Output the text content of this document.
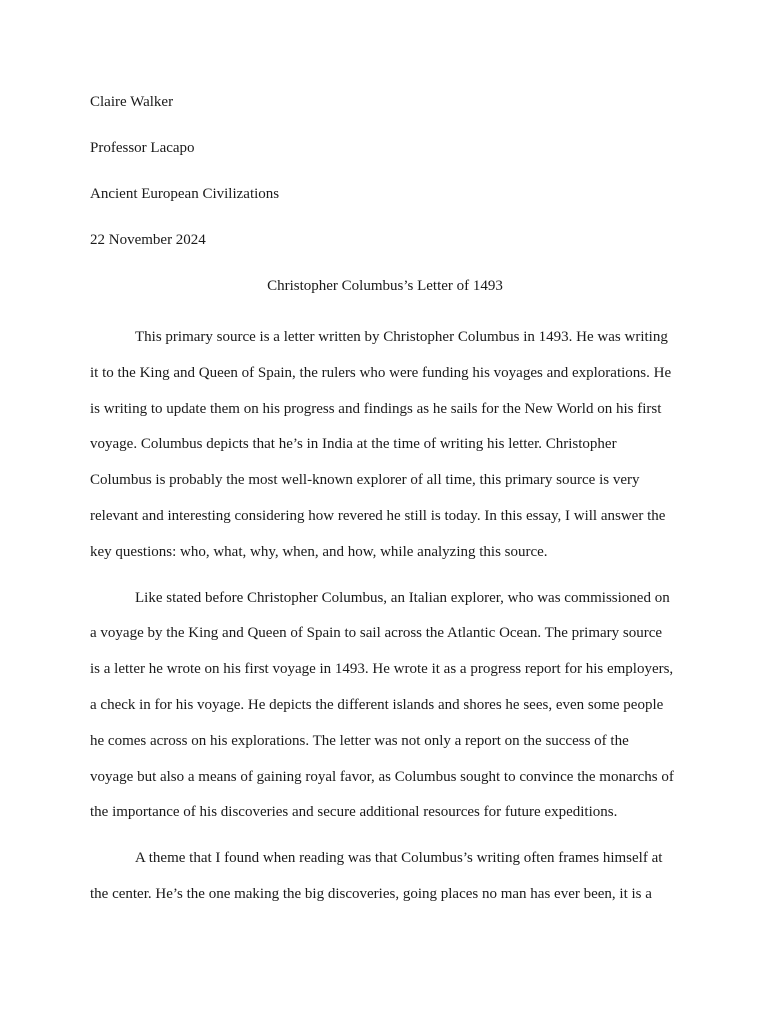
Claire Walker
Professor Lacapo
Ancient European Civilizations
22 November 2024
Christopher Columbus’s Letter of 1493
This primary source is a letter written by Christopher Columbus in 1493. He was writing
it to the King and Queen of Spain, the rulers who were funding his voyages and explorations. He
is writing to update them on his progress and findings as he sails for the New World on his first
voyage. Columbus depicts that he’s in India at the time of writing his letter. Christopher
Columbus is probably the most well-known explorer of all time, this primary source is very
relevant and interesting considering how revered he still is today. In this essay, I will answer the
key questions: who, what, why, when, and how, while analyzing this source.
Like stated before Christopher Columbus, an Italian explorer, who was commissioned on
a voyage by the King and Queen of Spain to sail across the Atlantic Ocean. The primary source
is a letter he wrote on his first voyage in 1493. He wrote it as a progress report for his employers,
a check in for his voyage. He depicts the different islands and shores he sees, even some people
he comes across on his explorations. The letter was not only a report on the success of the
voyage but also a means of gaining royal favor, as Columbus sought to convince the monarchs of
the importance of his discoveries and secure additional resources for future expeditions.
A theme that I found when reading was that Columbus’s writing often frames himself at
the center. He’s the one making the big discoveries, going places no man has ever been, it is a
